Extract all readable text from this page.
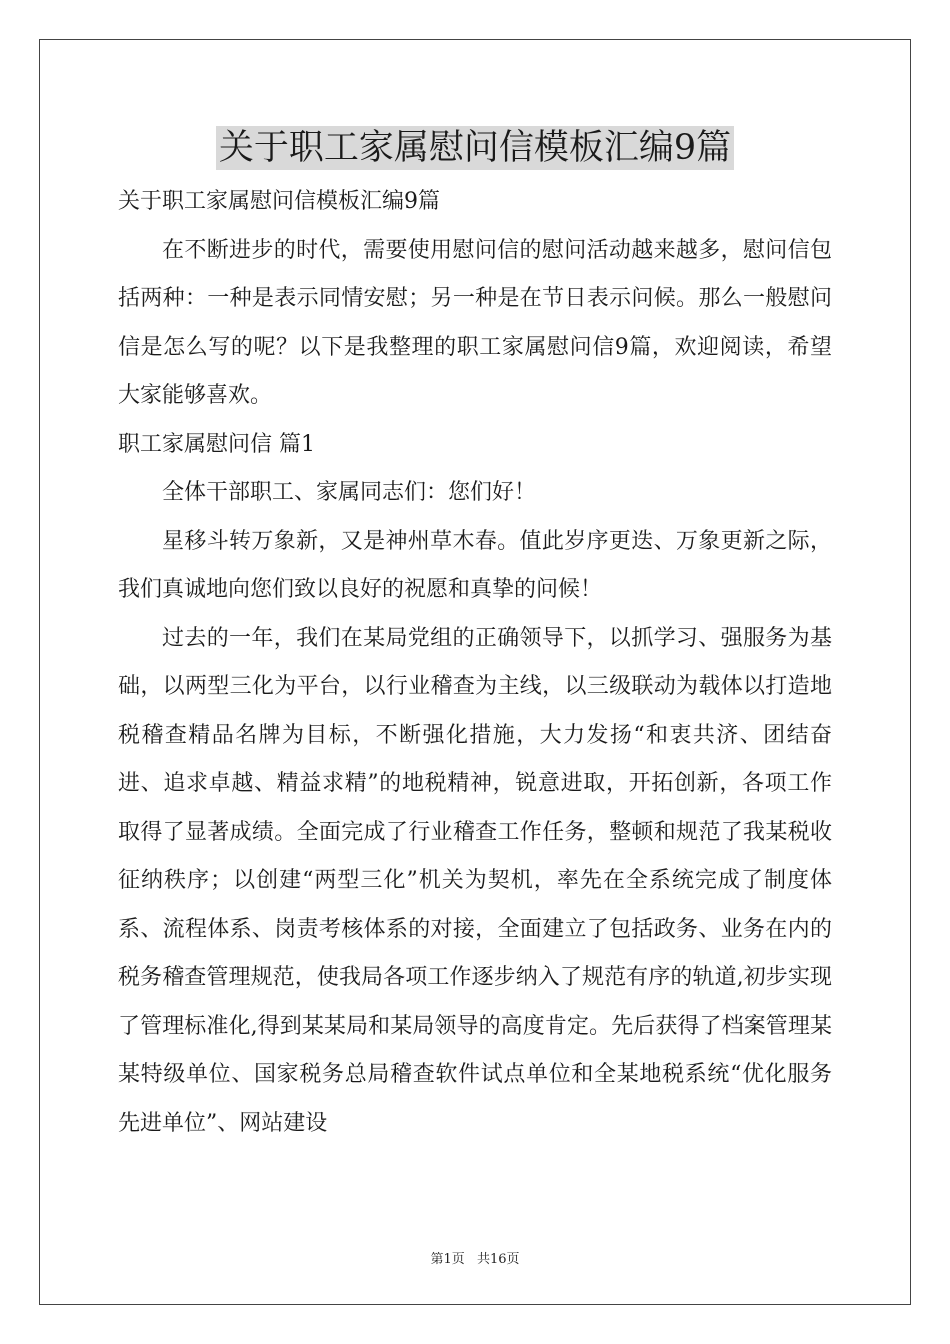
关于职工家属慰问信模板汇编9篇

关于职工家属慰问信模板汇编9篇

在不断进步的时代，需要使用慰问信的慰问活动越来越多，慰问信包括两种：一种是表示同情安慰；另一种是在节日表示问候。那么一般慰问信是怎么写的呢？以下是我整理的职工家属慰问信9篇，欢迎阅读，希望大家能够喜欢。

职工家属慰问信 篇1

全体干部职工、家属同志们：您们好！

星移斗转万象新，又是神州草木春。值此岁序更迭、万象更新之际，我们真诚地向您们致以良好的祝愿和真挚的问候！

过去的一年，我们在某局党组的正确领导下，以抓学习、强服务为基础，以两型三化为平台，以行业稽查为主线，以三级联动为载体以打造地税稽查精品名牌为目标，不断强化措施，大力发扬“和衷共济、团结奋进、追求卓越、精益求精”的地税精神，锐意进取，开拓创新，各项工作取得了显著成绩。全面完成了行业稽查工作任务，整顿和规范了我某税收征纳秩序；以创建“两型三化”机关为契机，率先在全系统完成了制度体系、流程体系、岗责考核体系的对接，全面建立了包括政务、业务在内的税务稽查管理规范，使我局各项工作逐步纳入了规范有序的轨道,初步实现了管理标准化,得到某某局和某局领导的高度肯定。先后获得了档案管理某某特级单位、国家税务总局稽查软件试点单位和全某地税系统“优化服务先进单位”、网站建设

第1页 共16页
